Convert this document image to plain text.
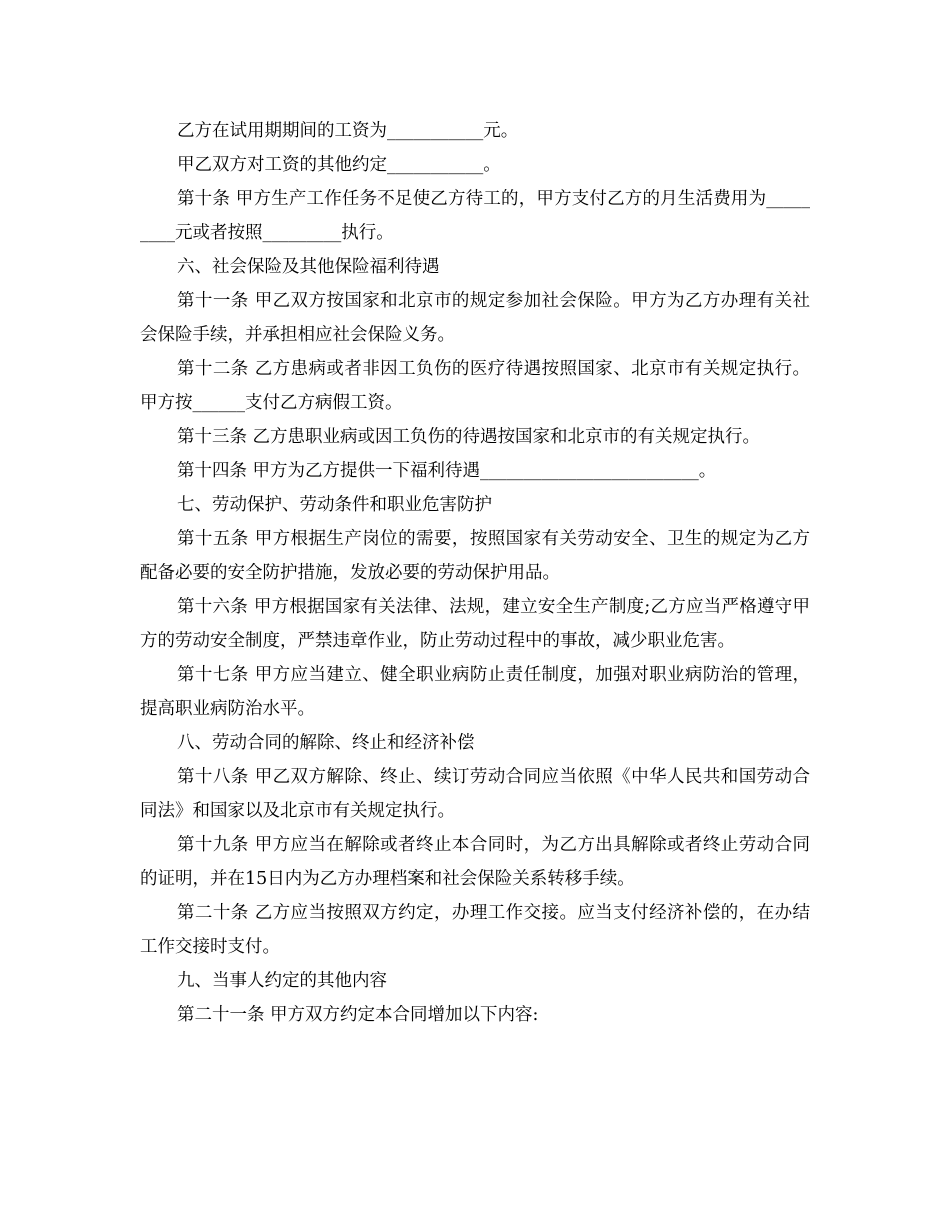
乙方在试用期期间的工资为___________元。

甲乙双方对工资的其他约定___________。

第十条 甲方生产工作任务不足使乙方待工的，甲方支付乙方的月生活费用为_________元或者按照_________执行。

六、社会保险及其他保险福利待遇

第十一条 甲乙双方按国家和北京市的规定参加社会保险。甲方为乙方办理有关社会保险手续，并承担相应社会保险义务。

第十二条 乙方患病或者非因工负伤的医疗待遇按照国家、北京市有关规定执行。甲方按______支付乙方病假工资。

第十三条 乙方患职业病或因工负伤的待遇按国家和北京市的有关规定执行。

第十四条 甲方为乙方提供一下福利待遇_________________________。

七、劳动保护、劳动条件和职业危害防护

第十五条 甲方根据生产岗位的需要，按照国家有关劳动安全、卫生的规定为乙方配备必要的安全防护措施，发放必要的劳动保护用品。

第十六条 甲方根据国家有关法律、法规，建立安全生产制度;乙方应当严格遵守甲方的劳动安全制度，严禁违章作业，防止劳动过程中的事故，减少职业危害。

第十七条 甲方应当建立、健全职业病防止责任制度，加强对职业病防治的管理，提高职业病防治水平。

八、劳动合同的解除、终止和经济补偿

第十八条 甲乙双方解除、终止、续订劳动合同应当依照《中华人民共和国劳动合同法》和国家以及北京市有关规定执行。

第十九条 甲方应当在解除或者终止本合同时，为乙方出具解除或者终止劳动合同的证明，并在15日内为乙方办理档案和社会保险关系转移手续。

第二十条 乙方应当按照双方约定，办理工作交接。应当支付经济补偿的，在办结工作交接时支付。

九、当事人约定的其他内容

第二十一条 甲方双方约定本合同增加以下内容:
